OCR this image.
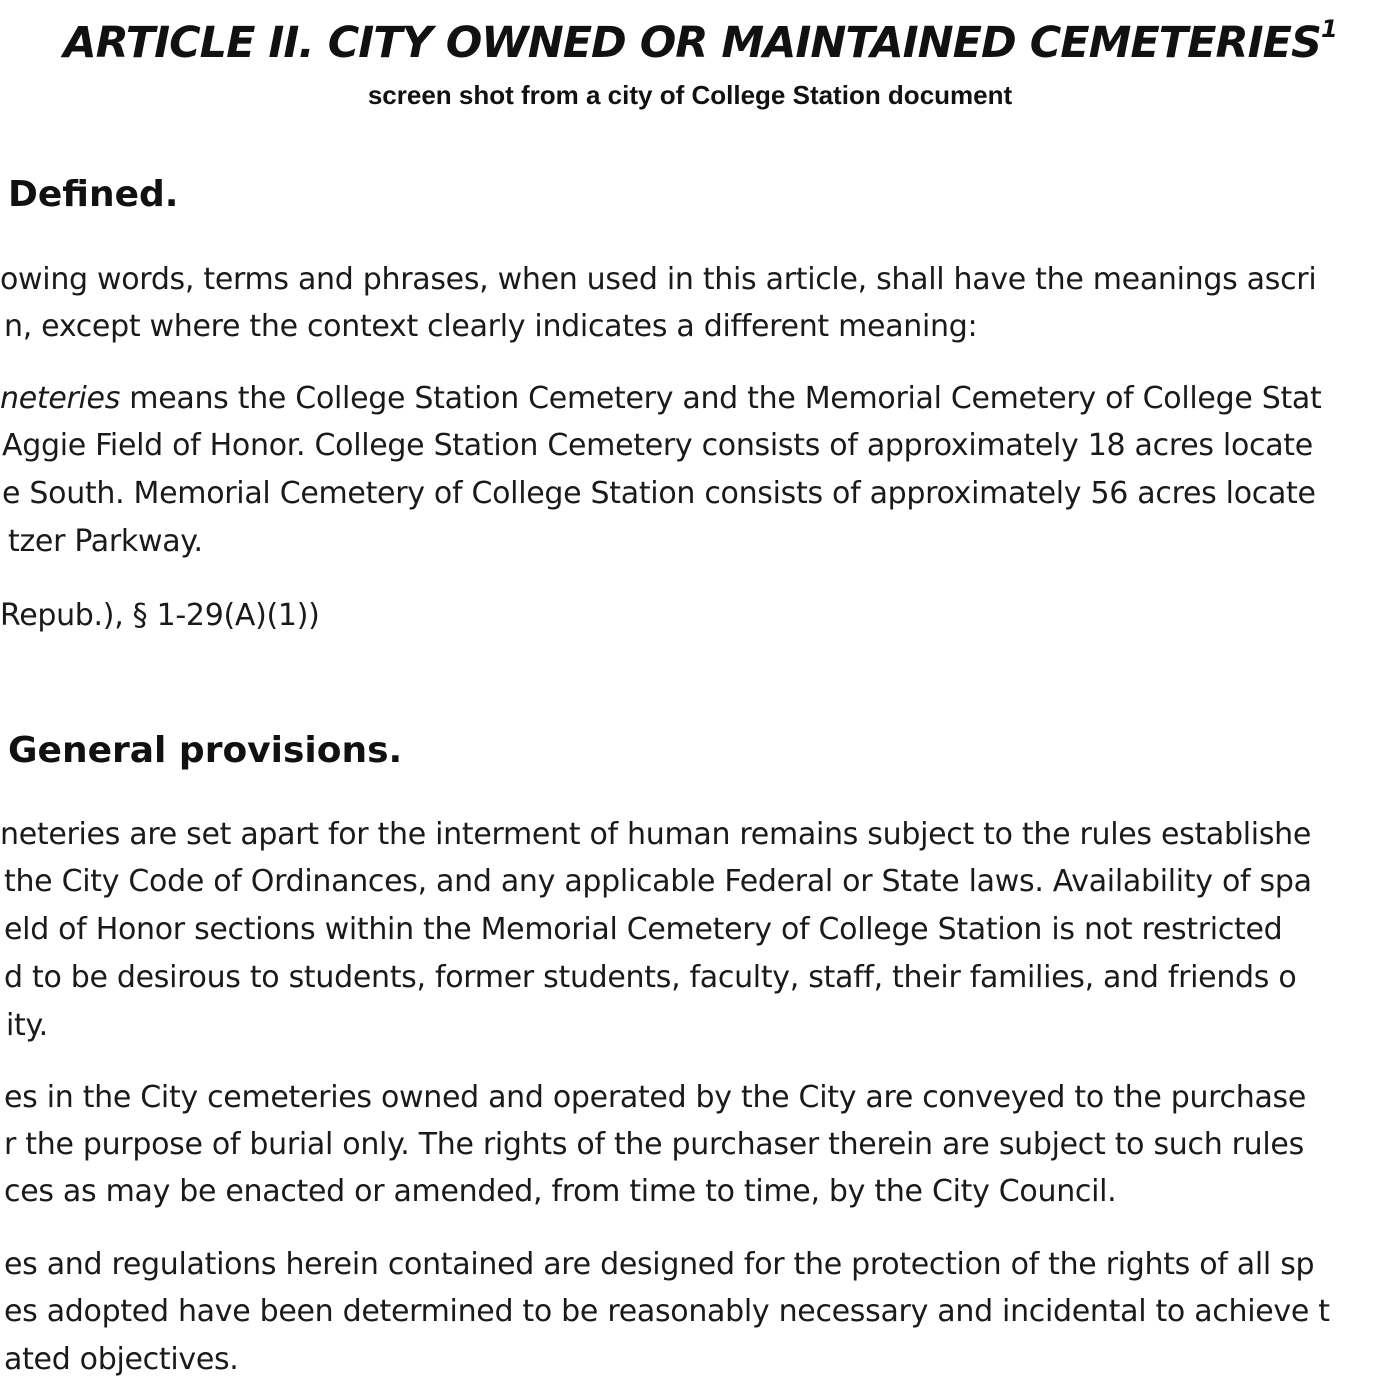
ARTICLE II. CITY OWNED OR MAINTAINED CEMETERIES$^1$
screen shot from a city of College Station document
Defined.
owing words, terms and phrases, when used in this article, shall have the meanings ascri
n, except where the context clearly indicates a different meaning:
neteries means the College Station Cemetery and the Memorial Cemetery of College Stat
Aggie Field of Honor. College Station Cemetery consists of approximately 18 acres locate
e South. Memorial Cemetery of College Station consists of approximately 56 acres locate
tzer Parkway.
Repub.), § 1-29(A)(1))
General provisions.
neteries are set apart for the interment of human remains subject to the rules establishe
the City Code of Ordinances, and any applicable Federal or State laws. Availability of spa
eld of Honor sections within the Memorial Cemetery of College Station is not restricted
d to be desirous to students, former students, faculty, staff, their families, and friends o
ity.
es in the City cemeteries owned and operated by the City are conveyed to the purchase
r the purpose of burial only. The rights of the purchaser therein are subject to such rules
ces as may be enacted or amended, from time to time, by the City Council.
es and regulations herein contained are designed for the protection of the rights of all sp
es adopted have been determined to be reasonably necessary and incidental to achieve t
ated objectives.
